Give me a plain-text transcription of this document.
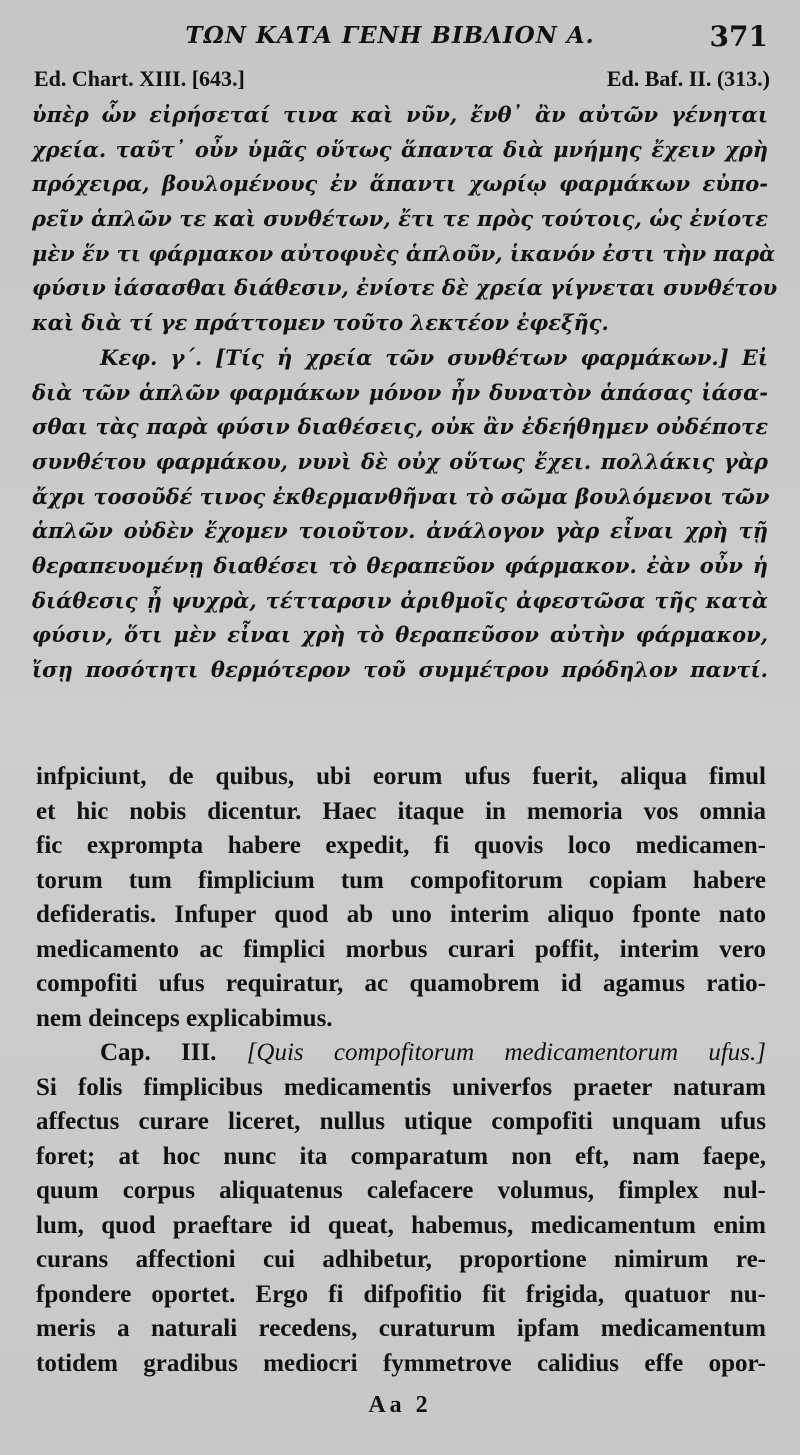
ΤΩΝ ΚΑΤΑ ΓΕΝΗ ΒΙΒΛΙΟΝ Α.	371
Ed. Chart. XIII. [643.]	Ed. Baf. II. (313.)
ὑπὲρ ὧν εἰρήσεταί τινα καὶ νῦν, ἔνθ᾽ ἂν αὐτῶν γένηται
χρεία. ταῦτ᾽ οὖν ὑμᾶς οὕτως ἅπαντα διὰ μνήμης ἔχειν χρὴ
πρόχειρα, βουλομένους ἐν ἅπαντι χωρίῳ φαρμάκων εὐπο-
ρεῖν ἁπλῶν τε καὶ συνθέτων, ἔτι τε πρὸς τούτοις, ὡς ἐνίοτε
μὲν ἕν τι φάρμακον αὐτοφυὲς ἁπλοῦν, ἱκανόν ἐστι τὴν παρὰ
φύσιν ἰάσασθαι διάθεσιν, ἐνίοτε δὲ χρεία γίγνεται συνθέτου
καὶ διὰ τί γε πράττομεν τοῦτο λεκτέον ἐφεξῆς.
Κεφ. γ΄. [Τίς ἡ χρεία τῶν συνθέτων φαρμάκων.] Εἰ
διὰ τῶν ἁπλῶν φαρμάκων μόνον ἦν δυνατὸν ἁπάσας ἰάσα-
σθαι τὰς παρὰ φύσιν διαθέσεις, οὐκ ἂν ἐδεήθημεν οὐδέποτε
συνθέτου φαρμάκου, νυνὶ δὲ οὐχ οὕτως ἔχει. πολλάκις γὰρ
ἄχρι τοσοῦδέ τινος ἐκθερμανθῆναι τὸ σῶμα βουλόμενοι τῶν
ἁπλῶν οὐδὲν ἔχομεν τοιοῦτον. ἀνάλογον γὰρ εἶναι χρὴ τῇ
θεραπευομένῃ διαθέσει τὸ θεραπεῦον φάρμακον. ἐὰν οὖν ἡ
διάθεσις ᾖ ψυχρὰ, τέτταρσιν ἀριθμοῖς ἀφεστῶσα τῆς κατὰ
φύσιν, ὅτι μὲν εἶναι χρὴ τὸ θεραπεῦσον αὐτὴν φάρμακον,
ἴσῃ ποσότητι θερμότερον τοῦ συμμέτρου πρόδηλον παντί.
infpiciunt, de quibus, ubi eorum ufus fuerit, aliqua fimul
et hic nobis dicentur. Haec itaque in memoria vos omnia
fic exprompta habere expedit, fi quovis loco medicamen-
torum tum fimplicium tum compofitorum copiam habere
defideratis. Infuper quod ab uno interim aliquo fponte nato
medicamento ac fimplici morbus curari poffit, interim vero
compofiti ufus requiratur, ac quamobrem id agamus ratio-
nem deinceps explicabimus.
Cap. III. [Quis compofitorum medicamentorum ufus.]
Si folis fimplicibus medicamentis univerfos praeter naturam
affectus curare liceret, nullus utique compofiti unquam ufus
foret; at hoc nunc ita comparatum non eft, nam faepe,
quum corpus aliquatenus calefacere volumus, fimplex nul-
lum, quod praeftare id queat, habemus, medicamentum enim
curans affectioni cui adhibetur, proportione nimirum re-
fpondere oportet. Ergo fi difpofitio fit frigida, quatuor nu-
meris a naturali recedens, curaturum ipfam medicamentum
totidem gradibus mediocri fymmetrove calidius effe opor-
Aa 2
